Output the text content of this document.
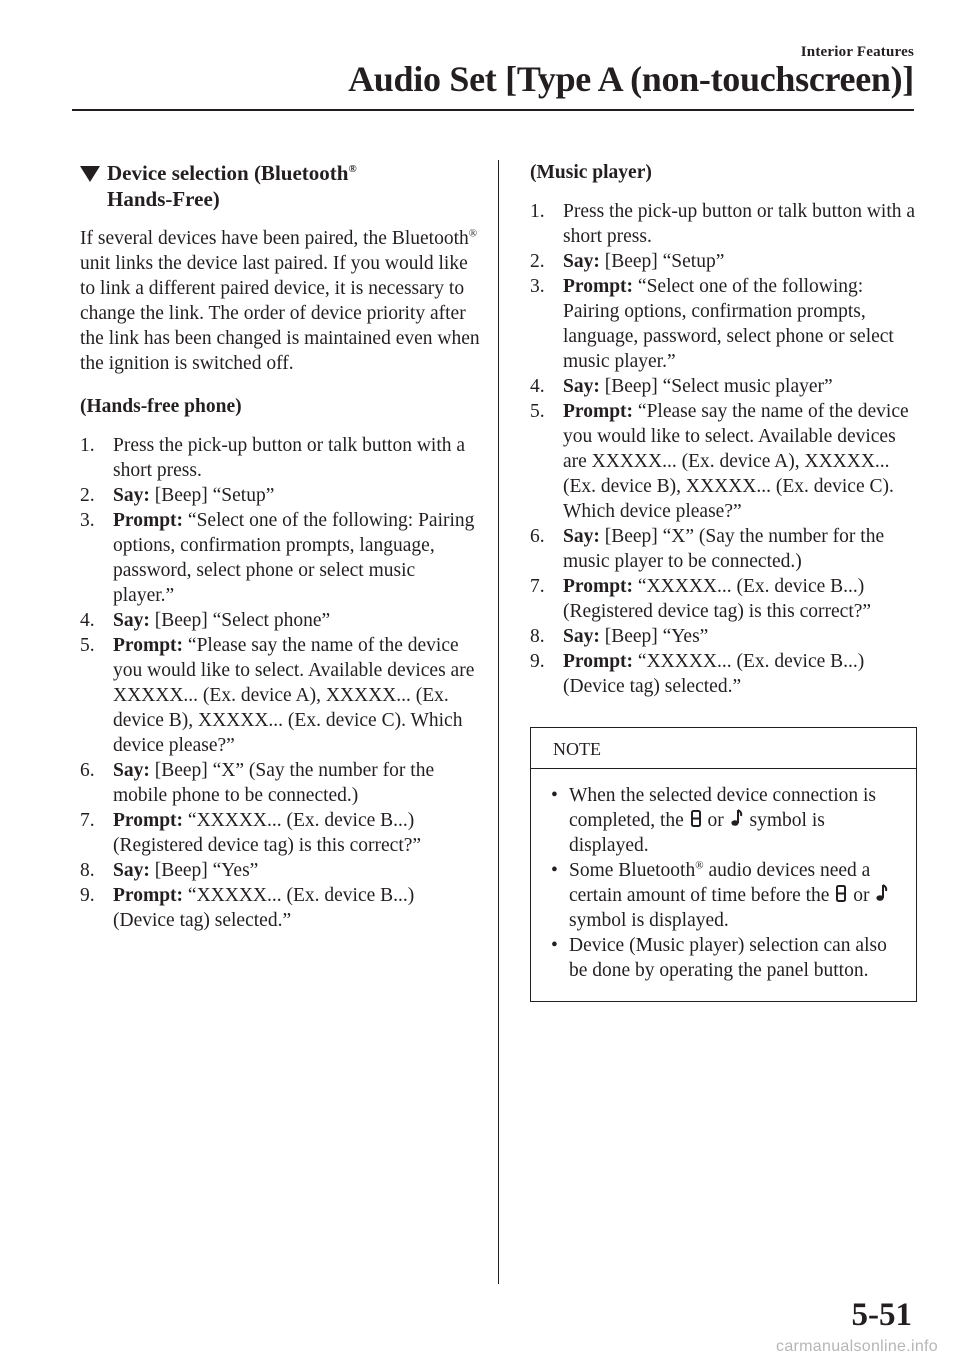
Interior Features
Audio Set [Type A (non-touchscreen)]
Device selection (Bluetooth®
Hands-Free)

If several devices have been paired, the Bluetooth® unit links the device last paired. If you would like to link a different paired device, it is necessary to change the link. The order of device priority after the link has been changed is maintained even when the ignition is switched off.

(Hands-free phone)
1. Press the pick-up button or talk button with a short press.
2. Say: [Beep] “Setup”
3. Prompt: “Select one of the following: Pairing options, confirmation prompts, language, password, select phone or select music player.”
4. Say: [Beep] “Select phone”
5. Prompt: “Please say the name of the device you would like to select. Available devices are XXXXX... (Ex. device A), XXXXX... (Ex. device B), XXXXX... (Ex. device C). Which device please?”
6. Say: [Beep] “X” (Say the number for the mobile phone to be connected.)
7. Prompt: “XXXXX... (Ex. device B...) (Registered device tag) is this correct?”
8. Say: [Beep] “Yes”
9. Prompt: “XXXXX... (Ex. device B...) (Device tag) selected.”
(Music player)
1. Press the pick-up button or talk button with a short press.
2. Say: [Beep] “Setup”
3. Prompt: “Select one of the following: Pairing options, confirmation prompts, language, password, select phone or select music player.”
4. Say: [Beep] “Select music player”
5. Prompt: “Please say the name of the device you would like to select. Available devices are XXXXX... (Ex. device A), XXXXX... (Ex. device B), XXXXX... (Ex. device C). Which device please?”
6. Say: [Beep] “X” (Say the number for the music player to be connected.)
7. Prompt: “XXXXX... (Ex. device B...) (Registered device tag) is this correct?”
8. Say: [Beep] “Yes”
9. Prompt: “XXXXX... (Ex. device B...) (Device tag) selected.”
NOTE
• When the selected device connection is completed, the  or  symbol is displayed.
• Some Bluetooth® audio devices need a certain amount of time before the  or  symbol is displayed.
• Device (Music player) selection can also be done by operating the panel button.
5-51
carmanualsonline.info
